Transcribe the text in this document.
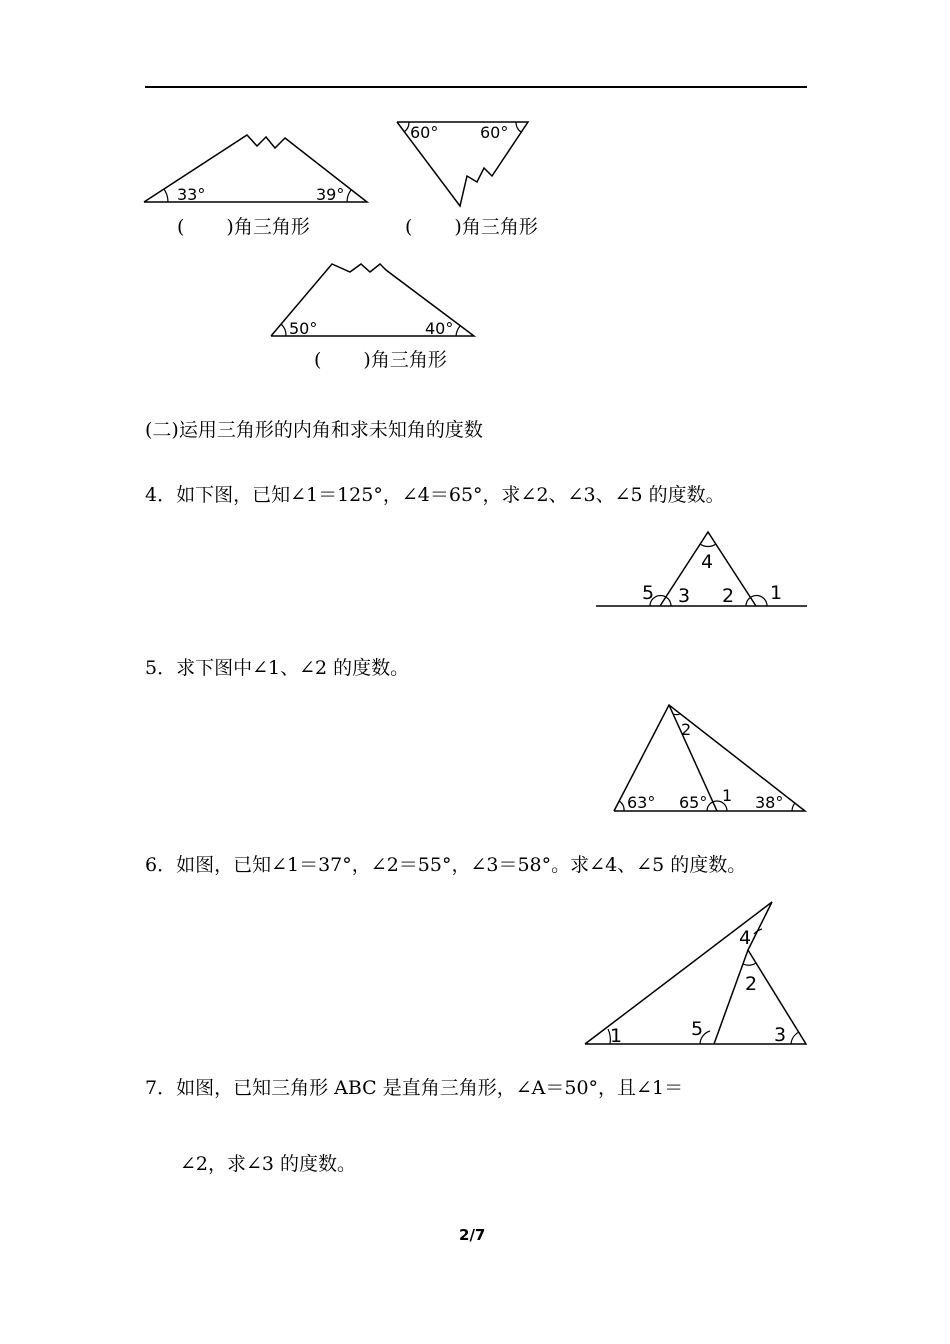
33°	39°
( )角三角形
60°	60°
( )角三角形
50°	40°
( )角三角形
(二)运用三角形的内角和求未知角的度数
4．如下图，已知∠1＝125°，∠4＝65°，求∠2、∠3、∠5 的度数。
4
5 3 2 1
5．求下图中∠1、∠2 的度数。
2
1
63° 65°	38°
6．如图，已知∠1＝37°，∠2＝55°，∠3＝58°。求∠4、∠5 的度数。
1
4
2
5	3
7．如图，已知三角形 ABC 是直角三角形，∠A＝50°，且∠1＝
∠2，求∠3 的度数。
2/7
